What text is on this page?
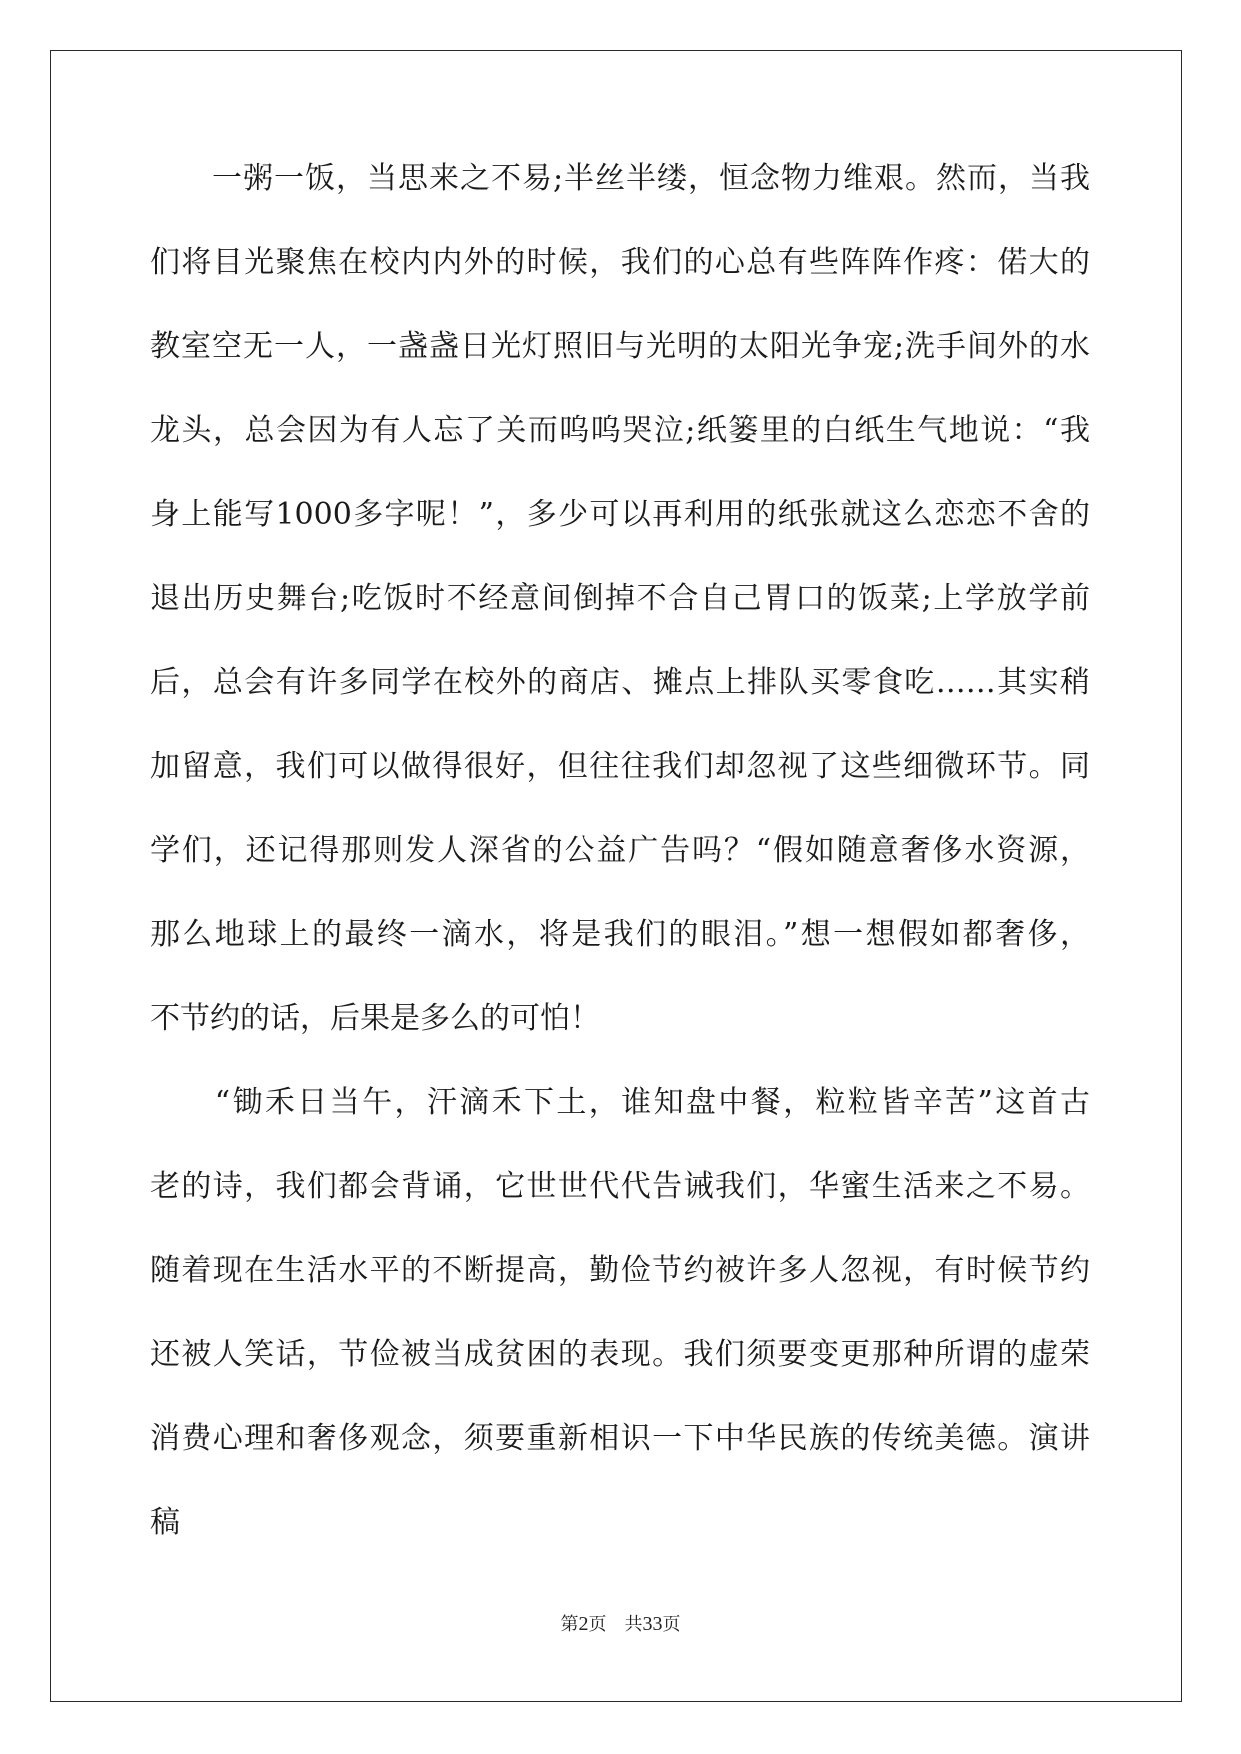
　　一粥一饭，当思来之不易;半丝半缕，恒念物力维艰。然而，当我
们将目光聚焦在校内内外的时候，我们的心总有些阵阵作疼：偌大的
教室空无一人，一盏盏日光灯照旧与光明的太阳光争宠;洗手间外的水
龙头，总会因为有人忘了关而呜呜哭泣;纸篓里的白纸生气地说：“我
身上能写1000多字呢！”，多少可以再利用的纸张就这么恋恋不舍的
退出历史舞台;吃饭时不经意间倒掉不合自己胃口的饭菜;上学放学前
后，总会有许多同学在校外的商店、摊点上排队买零食吃……其实稍
加留意，我们可以做得很好，但往往我们却忽视了这些细微环节。同
学们，还记得那则发人深省的公益广告吗？“假如随意奢侈水资源，
那么地球上的最终一滴水，将是我们的眼泪。”想一想假如都奢侈，
不节约的话，后果是多么的可怕！
　　“锄禾日当午，汗滴禾下土，谁知盘中餐，粒粒皆辛苦”这首古
老的诗，我们都会背诵，它世世代代告诫我们，华蜜生活来之不易。
随着现在生活水平的不断提高，勤俭节约被许多人忽视，有时候节约
还被人笑话，节俭被当成贫困的表现。我们须要变更那种所谓的虚荣
消费心理和奢侈观念，须要重新相识一下中华民族的传统美德。演讲
稿
第2页 共33页
